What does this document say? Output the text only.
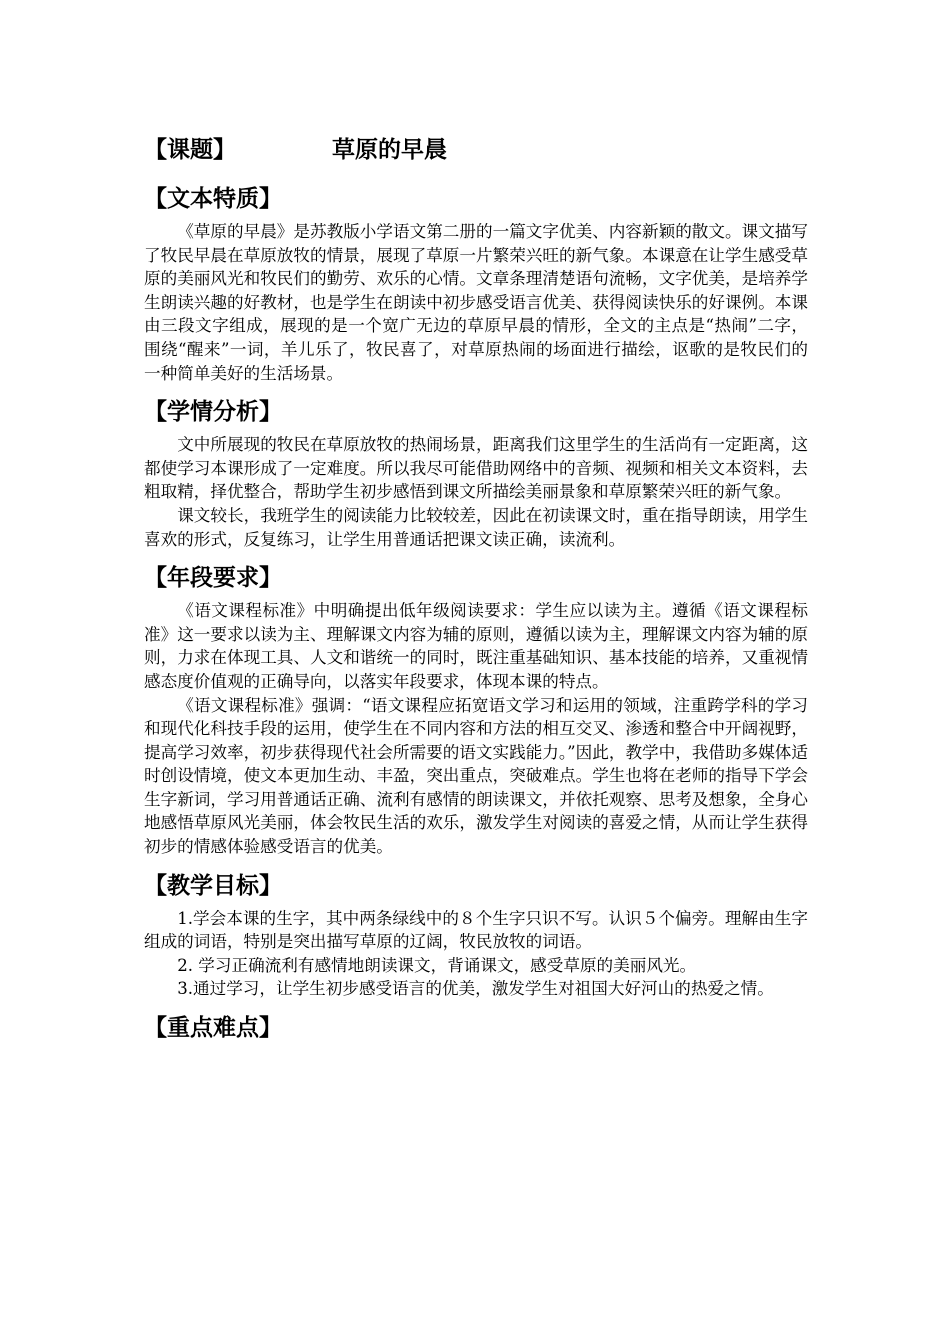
【课题】	草原的早晨
【文本特质】

《草原的早晨》是苏教版小学语文第二册的一篇文字优美、内容新颖的散文。课文描写了牧民早晨在草原放牧的情景，展现了草原一片繁荣兴旺的新气象。本课意在让学生感受草原的美丽风光和牧民们的勤劳、欢乐的心情。文章条理清楚语句流畅，文字优美，是培养学生朗读兴趣的好教材，也是学生在朗读中初步感受语言优美、获得阅读快乐的好课例。本课由三段文字组成，展现的是一个宽广无边的草原早晨的情形，全文的主点是“热闹”二字，围绕“醒来”一词，羊儿乐了，牧民喜了，对草原热闹的场面进行描绘，讴歌的是牧民们的一种简单美好的生活场景。

【学情分析】

文中所展现的牧民在草原放牧的热闹场景，距离我们这里学生的生活尚有一定距离，这都使学习本课形成了一定难度。所以我尽可能借助网络中的音频、视频和相关文本资料，去粗取精，择优整合，帮助学生初步感悟到课文所描绘美丽景象和草原繁荣兴旺的新气象。

课文较长，我班学生的阅读能力比较较差，因此在初读课文时，重在指导朗读，用学生喜欢的形式，反复练习，让学生用普通话把课文读正确，读流利。

【年段要求】

《语文课程标准》中明确提出低年级阅读要求：学生应以读为主。遵循《语文课程标准》这一要求以读为主、理解课文内容为辅的原则，遵循以读为主，理解课文内容为辅的原则，力求在体现工具、人文和谐统一的同时，既注重基础知识、基本技能的培养，又重视情感态度价值观的正确导向，以落实年段要求，体现本课的特点。

《语文课程标准》强调：“语文课程应拓宽语文学习和运用的领域，注重跨学科的学习和现代化科技手段的运用，使学生在不同内容和方法的相互交叉、渗透和整合中开阔视野，提高学习效率，初步获得现代社会所需要的语文实践能力。”因此，教学中，我借助多媒体适时创设情境，使文本更加生动、丰盈，突出重点，突破难点。学生也将在老师的指导下学会生字新词，学习用普通话正确、流利有感情的朗读课文，并依托观察、思考及想象，全身心地感悟草原风光美丽，体会牧民生活的欢乐，激发学生对阅读的喜爱之情，从而让学生获得初步的情感体验感受语言的优美。

【教学目标】

1.学会本课的生字，其中两条绿线中的８个生字只识不写。认识５个偏旁。理解由生字组成的词语，特别是突出描写草原的辽阔，牧民放牧的词语。

2. 学习正确流利有感情地朗读课文，背诵课文，感受草原的美丽风光。

3.通过学习，让学生初步感受语言的优美，激发学生对祖国大好河山的热爱之情。

【重点难点】
